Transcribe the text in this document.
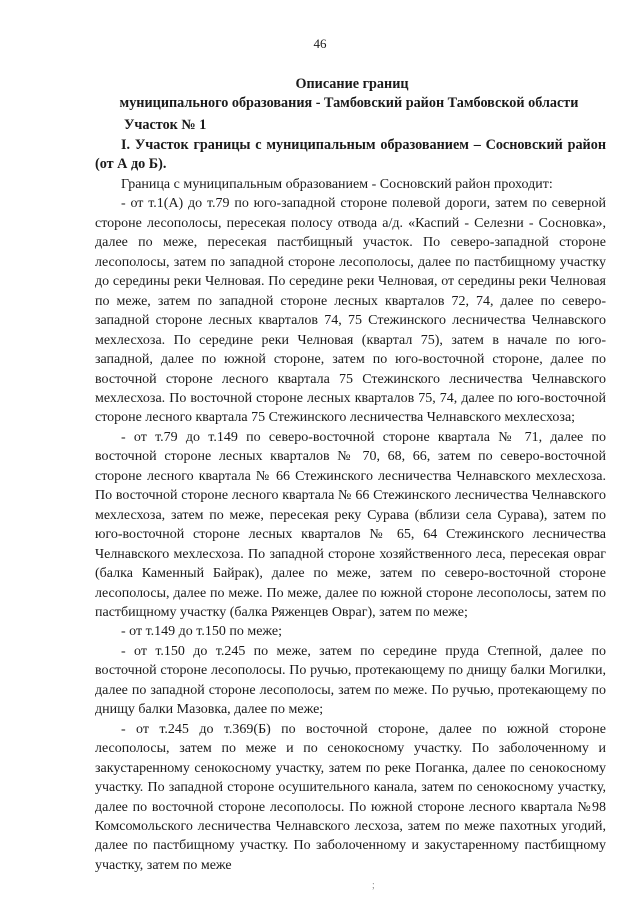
46
Описание границ
муниципального образования - Тамбовский район Тамбовской области
Участок № 1
I. Участок границы с муниципальным образованием – Сосновский район (от А до Б).

Граница с муниципальным образованием - Сосновский район проходит:

- от т.1(А) до т.79 по юго-западной стороне полевой дороги, затем по северной стороне лесополосы, пересекая полосу отвода а/д. «Каспий - Селезни - Сосновка», далее по меже, пересекая пастбищный участок. По северо-западной стороне лесополосы, затем по западной стороне лесополосы, далее по пастбищному участку до середины реки Челновая. По середине реки Челновая, от середины реки Челновая по меже, затем по западной стороне лесных кварталов 72, 74, далее по северо-западной стороне лесных кварталов 74, 75 Стежинского лесничества Челнавского мехлесхоза. По середине реки Челновая (квартал 75), затем в начале по юго-западной, далее по южной стороне, затем по юго-восточной стороне, далее по восточной стороне лесного квартала 75 Стежинского лесничества Челнавского мехлесхоза. По восточной стороне лесных кварталов 75, 74, далее по юго-восточной стороне лесного квартала 75 Стежинского лесничества Челнавского мехлесхоза;

- от т.79 до т.149 по северо-восточной стороне квартала № 71, далее по восточной стороне лесных кварталов № 70, 68, 66, затем по северо-восточной стороне лесного квартала № 66 Стежинского лесничества Челнавского мехлесхоза. По восточной стороне лесного квартала № 66 Стежинского лесничества Челнавского мехлесхоза, затем по меже, пересекая реку Сурава (вблизи села Сурава), затем по юго-восточной стороне лесных кварталов № 65, 64 Стежинского лесничества Челнавского мехлесхоза. По западной стороне хозяйственного леса, пересекая овраг (балка Каменный Байрак), далее по меже, затем по северо-восточной стороне лесополосы, далее по меже. По меже, далее по южной стороне лесополосы, затем по пастбищному участку (балка Ряженцев Овраг), затем по меже;

- от т.149 до т.150 по меже;

- от т.150 до т.245 по меже, затем по середине пруда Степной, далее по восточной стороне лесополосы. По ручью, протекающему по днищу балки Могилки, далее по западной стороне лесополосы, затем по меже. По ручью, протекающему по днищу балки Мазовка, далее по меже;

- от т.245 до т.369(Б) по восточной стороне, далее по южной стороне лесополосы, затем по меже и по сенокосному участку. По заболоченному и закустаренному сенокосному участку, затем по реке Поганка, далее по сенокосному участку. По западной стороне осушительного канала, затем по сенокосному участку, далее по восточной стороне лесополосы. По южной стороне лесного квартала №98 Комсомольского лесничества Челнавского лесхоза, затем по меже пахотных угодий, далее по пастбищному участку. По заболоченному и закустаренному пастбищному участку, затем по меже

;
